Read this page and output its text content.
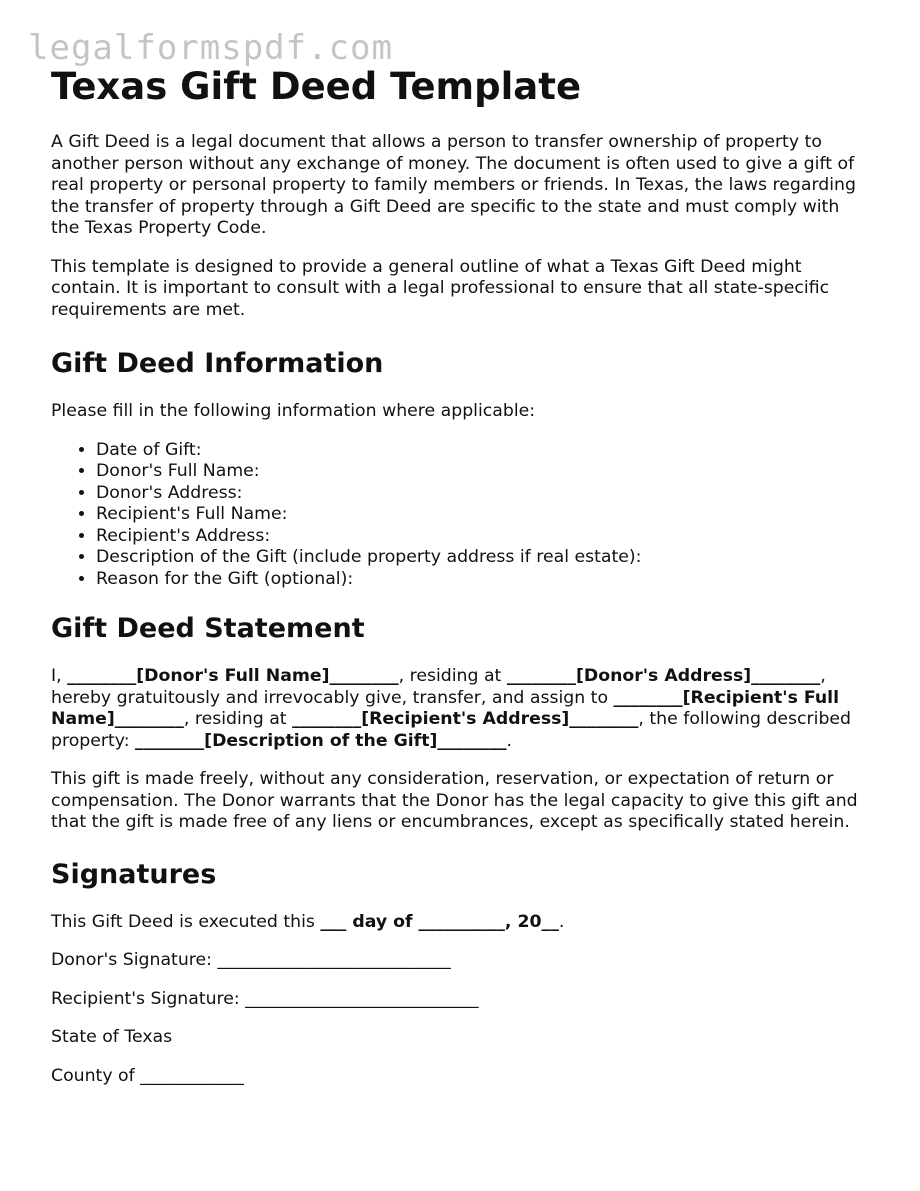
legalformspdf.com
Texas Gift Deed Template

A Gift Deed is a legal document that allows a person to transfer ownership of property to another person without any exchange of money. The document is often used to give a gift of real property or personal property to family members or friends. In Texas, the laws regarding the transfer of property through a Gift Deed are specific to the state and must comply with the Texas Property Code.

This template is designed to provide a general outline of what a Texas Gift Deed might contain. It is important to consult with a legal professional to ensure that all state-specific requirements are met.

Gift Deed Information

Please fill in the following information where applicable:

• Date of Gift:
• Donor's Full Name:
• Donor's Address:
• Recipient's Full Name:
• Recipient's Address:
• Description of the Gift (include property address if real estate):
• Reason for the Gift (optional):
Gift Deed Statement

I, ________[Donor's Full Name]________, residing at ________[Donor's Address]________, hereby gratuitously and irrevocably give, transfer, and assign to ________[Recipient's Full Name]________, residing at ________[Recipient's Address]________, the following described property: ________[Description of the Gift]________.

This gift is made freely, without any consideration, reservation, or expectation of return or compensation. The Donor warrants that the Donor has the legal capacity to give this gift and that the gift is made free of any liens or encumbrances, except as specifically stated herein.

Signatures

This Gift Deed is executed this ___ day of __________, 20__.

Donor's Signature: ___________________________

Recipient's Signature: ___________________________

State of Texas

County of ____________
